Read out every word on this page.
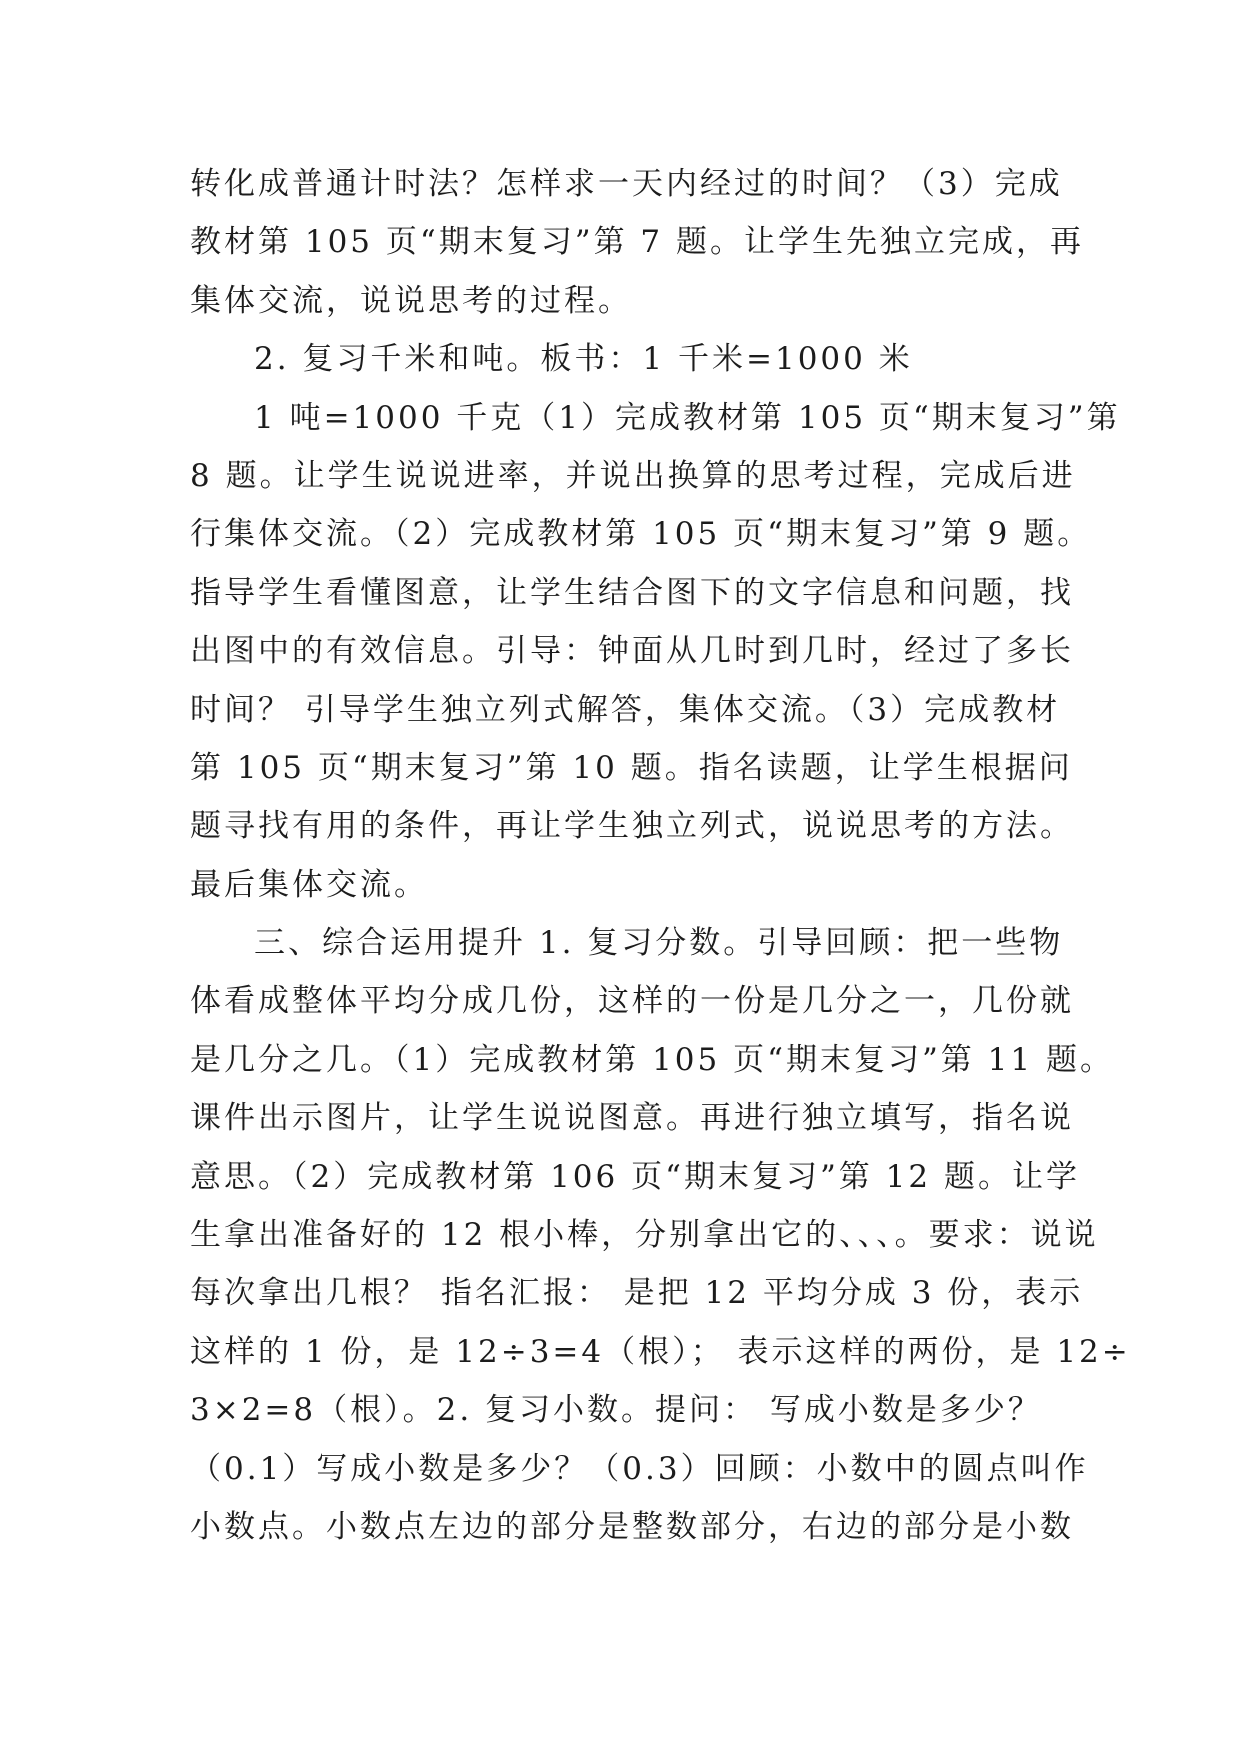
转化成普通计时法？怎样求一天内经过的时间？（3）完成
教材第 105 页“期末复习”第 7 题。让学生先独立完成，再
集体交流，说说思考的过程。
2. 复习千米和吨。板书：1 千米=1000 米
1 吨=1000 千克（1）完成教材第 105 页“期末复习”第
8 题。让学生说说进率，并说出换算的思考过程，完成后进
行集体交流。（2）完成教材第 105 页“期末复习”第 9 题。
指导学生看懂图意，让学生结合图下的文字信息和问题，找
出图中的有效信息。引导：钟面从几时到几时，经过了多长
时间？ 引导学生独立列式解答，集体交流。（3）完成教材
第 105 页“期末复习”第 10 题。指名读题，让学生根据问
题寻找有用的条件，再让学生独立列式，说说思考的方法。
最后集体交流。
三、综合运用提升 1. 复习分数。引导回顾：把一些物
体看成整体平均分成几份，这样的一份是几分之一，几份就
是几分之几。（1）完成教材第 105 页“期末复习”第 11 题。
课件出示图片，让学生说说图意。再进行独立填写，指名说
意思。（2）完成教材第 106 页“期末复习”第 12 题。让学
生拿出准备好的 12 根小棒，分别拿出它的、、、。要求：说说
每次拿出几根？ 指名汇报： 是把 12 平均分成 3 份，表示
这样的 1 份，是 12÷3=4（根）； 表示这样的两份，是 12÷
3×2=8（根）。2. 复习小数。提问： 写成小数是多少？
（0.1）写成小数是多少？（0.3）回顾：小数中的圆点叫作
小数点。小数点左边的部分是整数部分，右边的部分是小数
